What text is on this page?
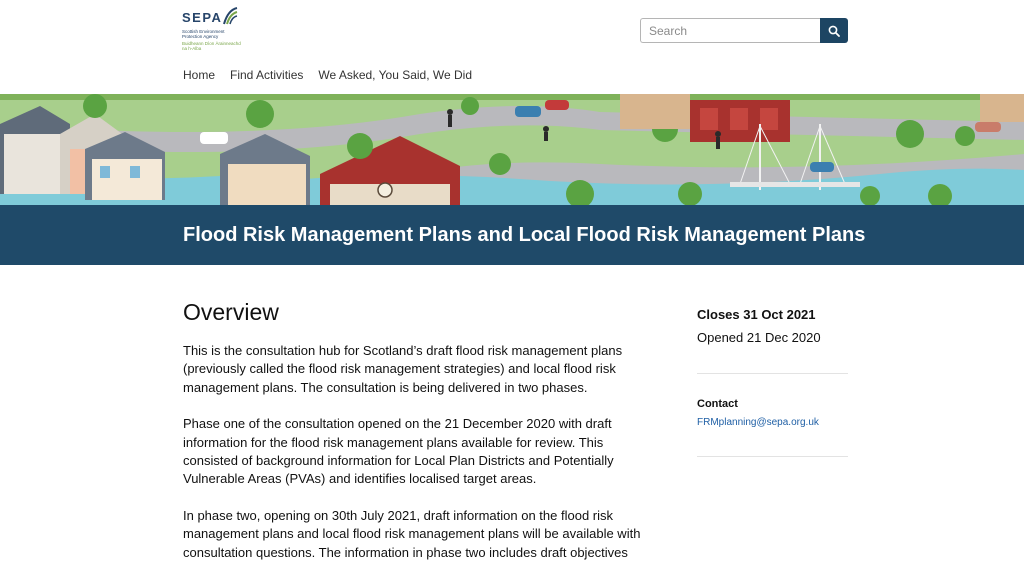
SEPA
Scottish Environment Protection Agency
Buidheann Dìon Àrainneachd na h-Alba
Search
Home Find Activities We Asked, You Said, We Did
Flood Risk Management Plans and Local Flood Risk Management Plans
Overview

This is the consultation hub for Scotland’s draft flood risk management plans (previously called the flood risk management strategies) and local flood risk management plans. The consultation is being delivered in two phases.

Phase one of the consultation opened on the 21 December 2020 with draft information for the flood risk management plans available for review. This consisted of background information for Local Plan Districts and Potentially Vulnerable Areas (PVAs) and identifies localised target areas.

In phase two, opening on 30th July 2021, draft information on the flood risk management plans and local flood risk management plans will be available with consultation questions. The information in phase two includes draft objectives

Closes 31 Oct 2021
Opened 21 Dec 2020
Contact
FRMplanning@sepa.org.uk
